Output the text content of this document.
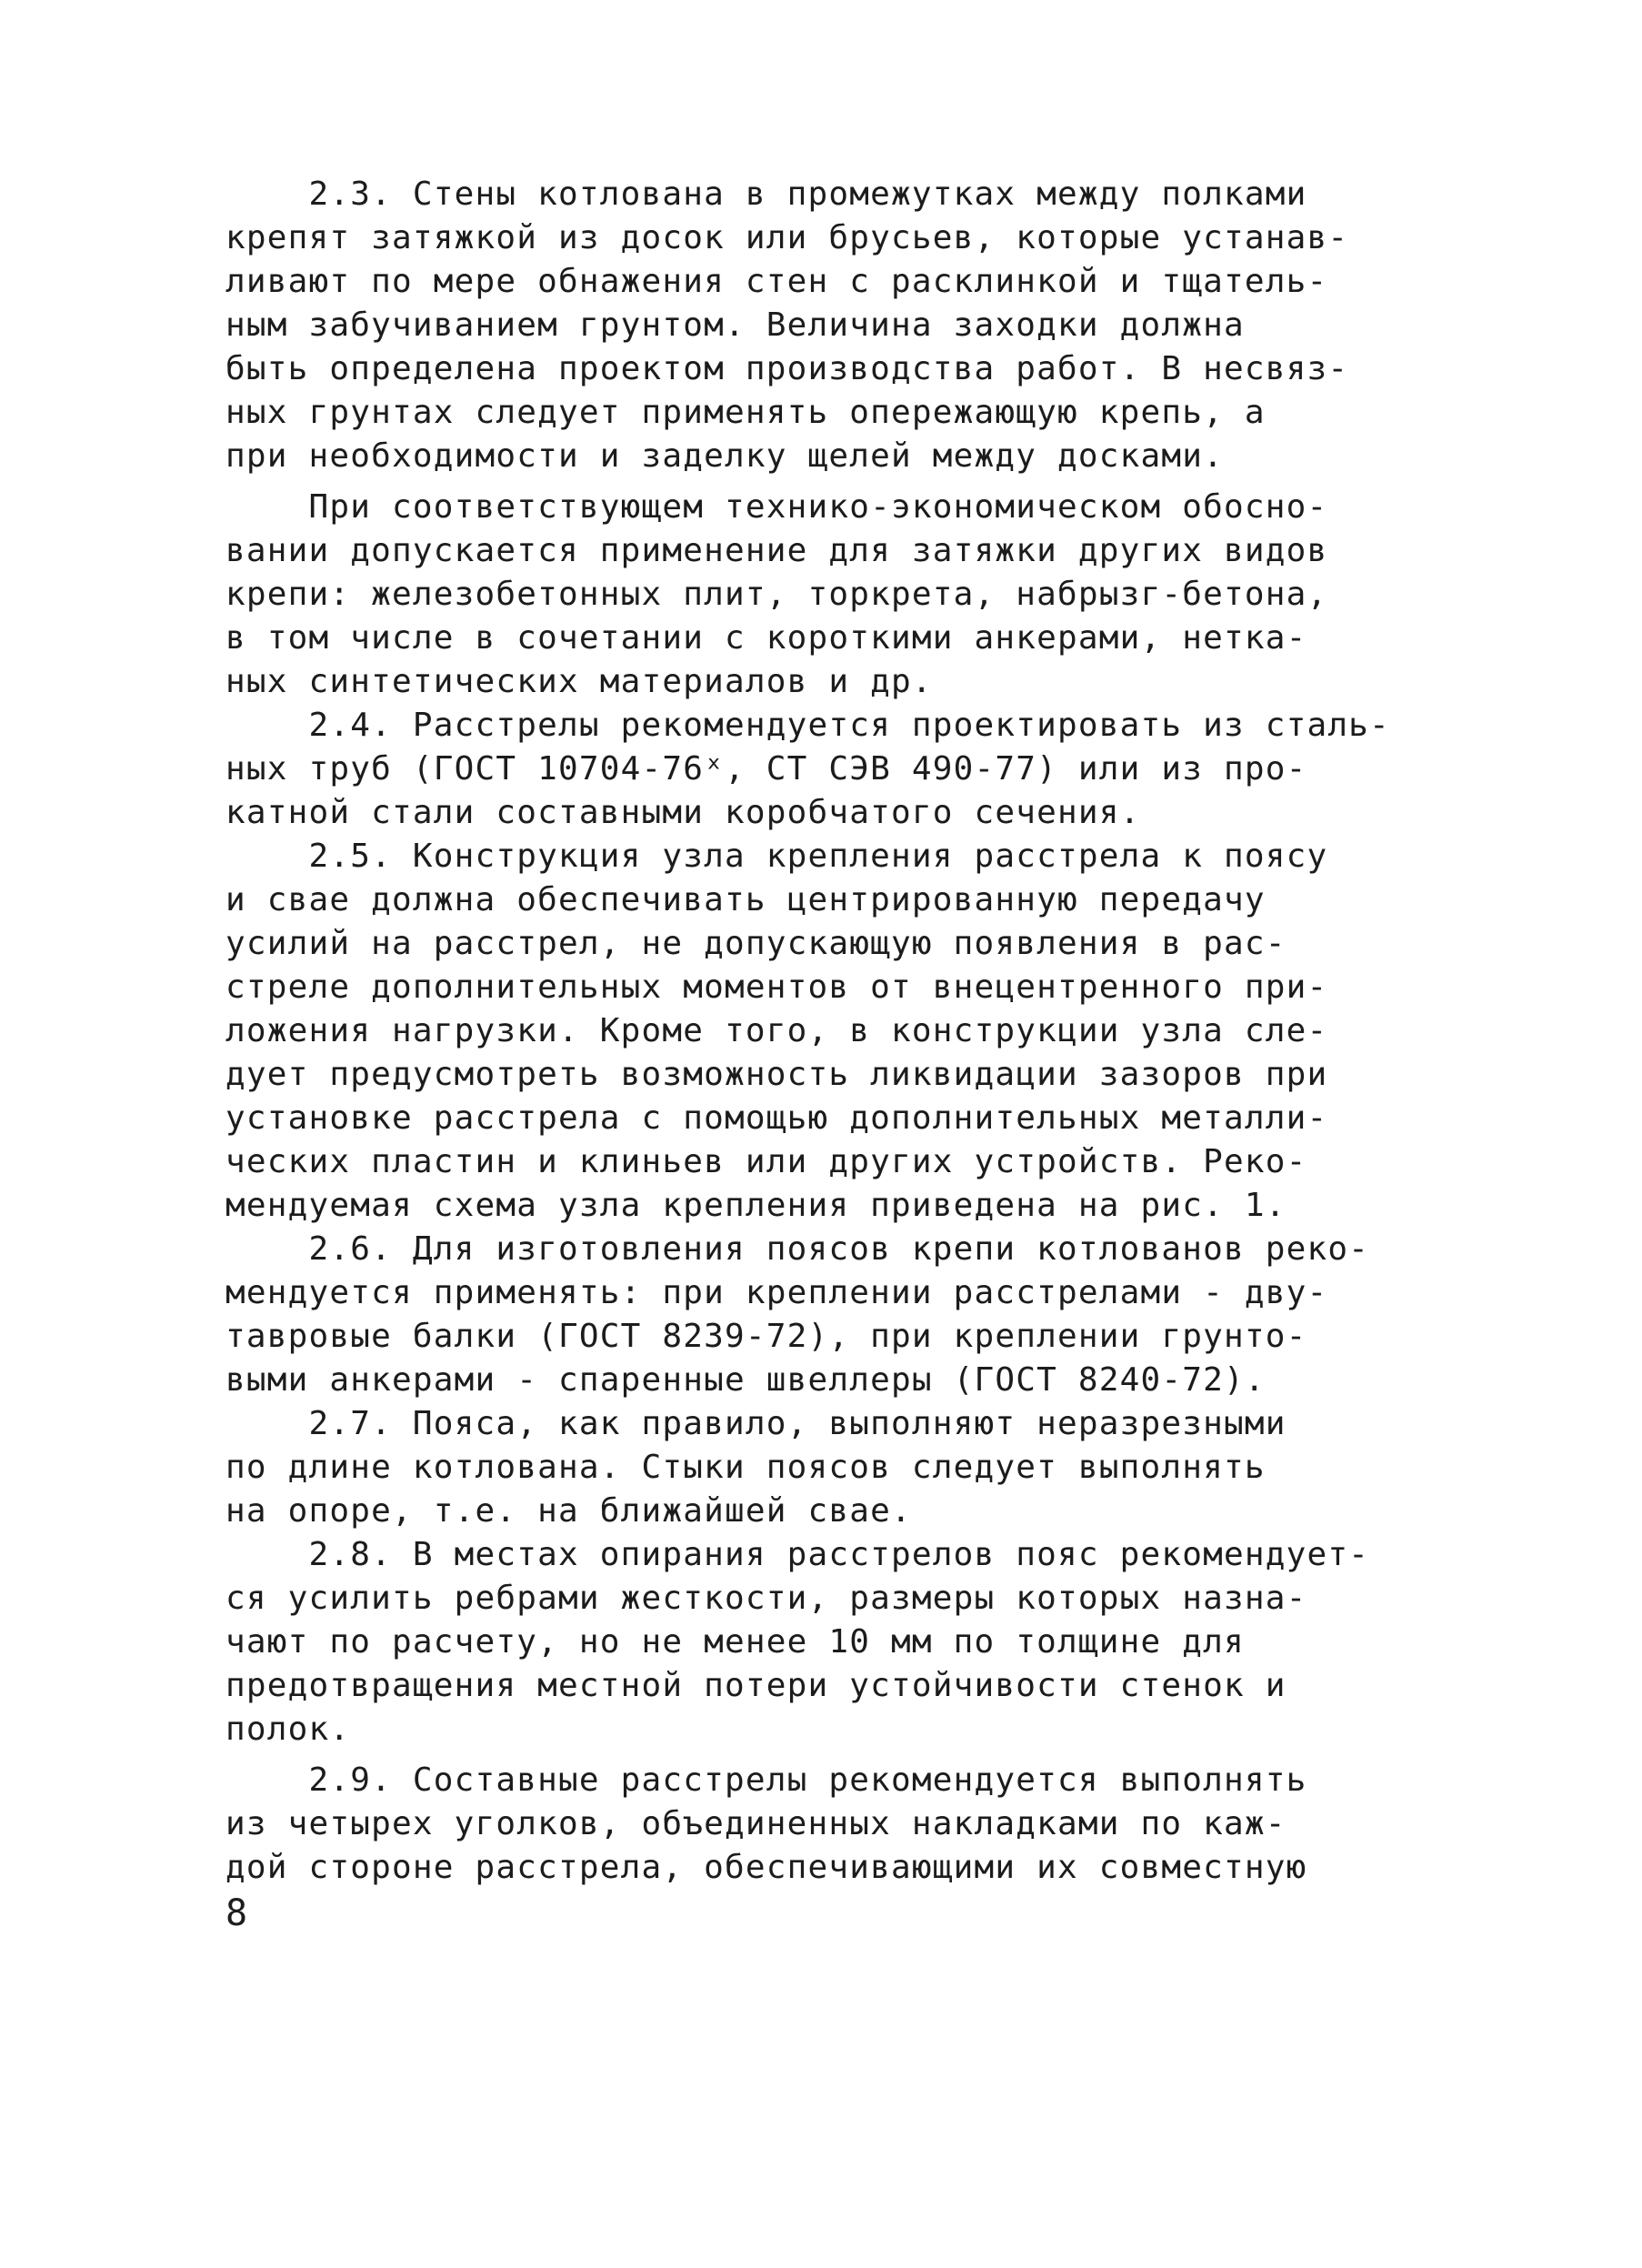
2.3. Стены котлована в промежутках между полками
крепят затяжкой из досок или брусьев, которые устанав-
ливают по мере обнажения стен с расклинкой и тщатель-
ным забучиванием грунтом. Величина заходки должна
быть определена проектом производства работ. В несвяз-
ных грунтах следует применять опережающую крепь, а
при необходимости и заделку щелей между досками.
При соответствующем технико-экономическом обосно-
вании допускается применение для затяжки других видов
крепи: железобетонных плит, торкрета, набрызг-бетона,
в том числе в сочетании с короткими анкерами, нетка-
ных синтетических материалов и др.
2.4. Расстрелы рекомендуется проектировать из сталь-
ных труб (ГОСТ 10704-76ˣ, СТ СЭВ 490-77) или из про-
катной стали составными коробчатого сечения.
2.5. Конструкция узла крепления расстрела к поясу
и свае должна обеспечивать центрированную передачу
усилий на расстрел, не допускающую появления в рас-
стреле дополнительных моментов от внецентренного при-
ложения нагрузки. Кроме того, в конструкции узла сле-
дует предусмотреть возможность ликвидации зазоров при
установке расстрела с помощью дополнительных металли-
ческих пластин и клиньев или других устройств. Реко-
мендуемая схема узла крепления приведена на рис. 1.
2.6. Для изготовления поясов крепи котлованов реко-
мендуется применять: при креплении расстрелами - дву-
тавровые балки (ГОСТ 8239-72), при креплении грунто-
выми анкерами - спаренные швеллеры (ГОСТ 8240-72).
2.7. Пояса, как правило, выполняют неразрезными
по длине котлована. Стыки поясов следует выполнять
на опоре, т.е. на ближайшей свае.
2.8. В местах опирания расстрелов пояс рекомендует-
ся усилить ребрами жесткости, размеры которых назна-
чают по расчету, но не менее 10 мм по толщине для
предотвращения местной потери устойчивости стенок и
полок.
2.9. Составные расстрелы рекомендуется выполнять
из четырех уголков, объединенных накладками по каж-
дой стороне расстрела, обеспечивающими их совместную
8
